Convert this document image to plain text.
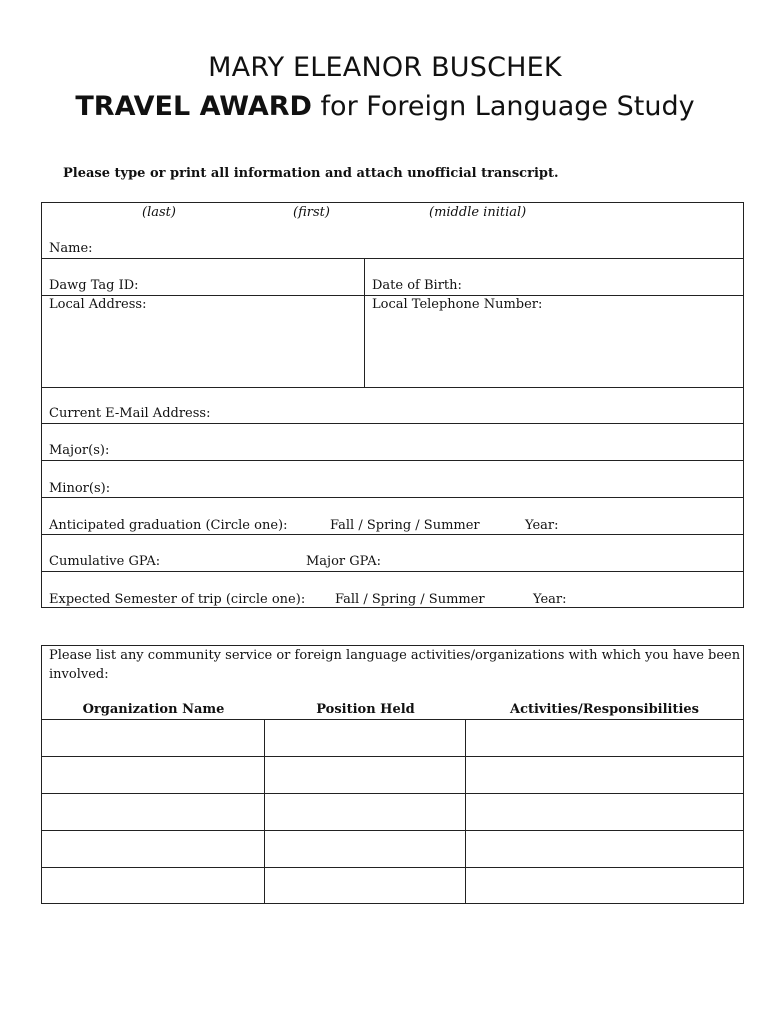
MARY ELEANOR BUSCHEK
TRAVEL AWARD for Foreign Language Study
Please type or print all information and attach unofficial transcript.
(last)	(first)	(middle initial)
Name:
Dawg Tag ID:	Date of Birth:
Local Address:	Local Telephone Number:
Current E-Mail Address:
Major(s):
Minor(s):
Anticipated graduation (Circle one):	Fall / Spring / Summer	Year:
Cumulative GPA:	Major GPA:
Expected Semester of trip (circle one): Fall / Spring / Summer	Year:
Please list any community service or foreign language activities/organizations with which you have been
involved:
Organization Name	Position Held	Activities/Responsibilities
